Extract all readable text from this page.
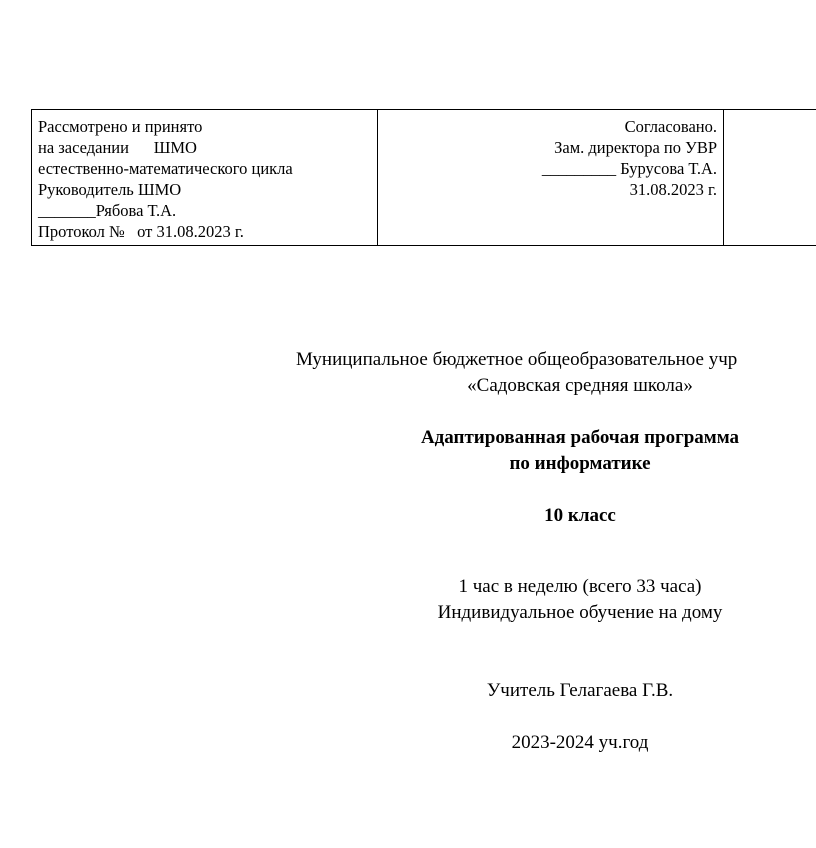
Рассмотрено и принято
на заседании      ШМО
естественно-математического цикла
Руководитель ШМО
_______Рябова Т.А.
Протокол №   от 31.08.2023 г.
Согласовано.
Зам. директора по УВР
_________ Бурусова Т.А.
31.08.2023 г.
Муниципальное бюджетное общеобразовательное учр
«Садовская средняя школа»
Адаптированная рабочая программа
по информатике
10 класс
1 час в неделю (всего 33 часа)
Индивидуальное обучение на дому
Учитель Гелагаева Г.В.
2023-2024 уч.год
